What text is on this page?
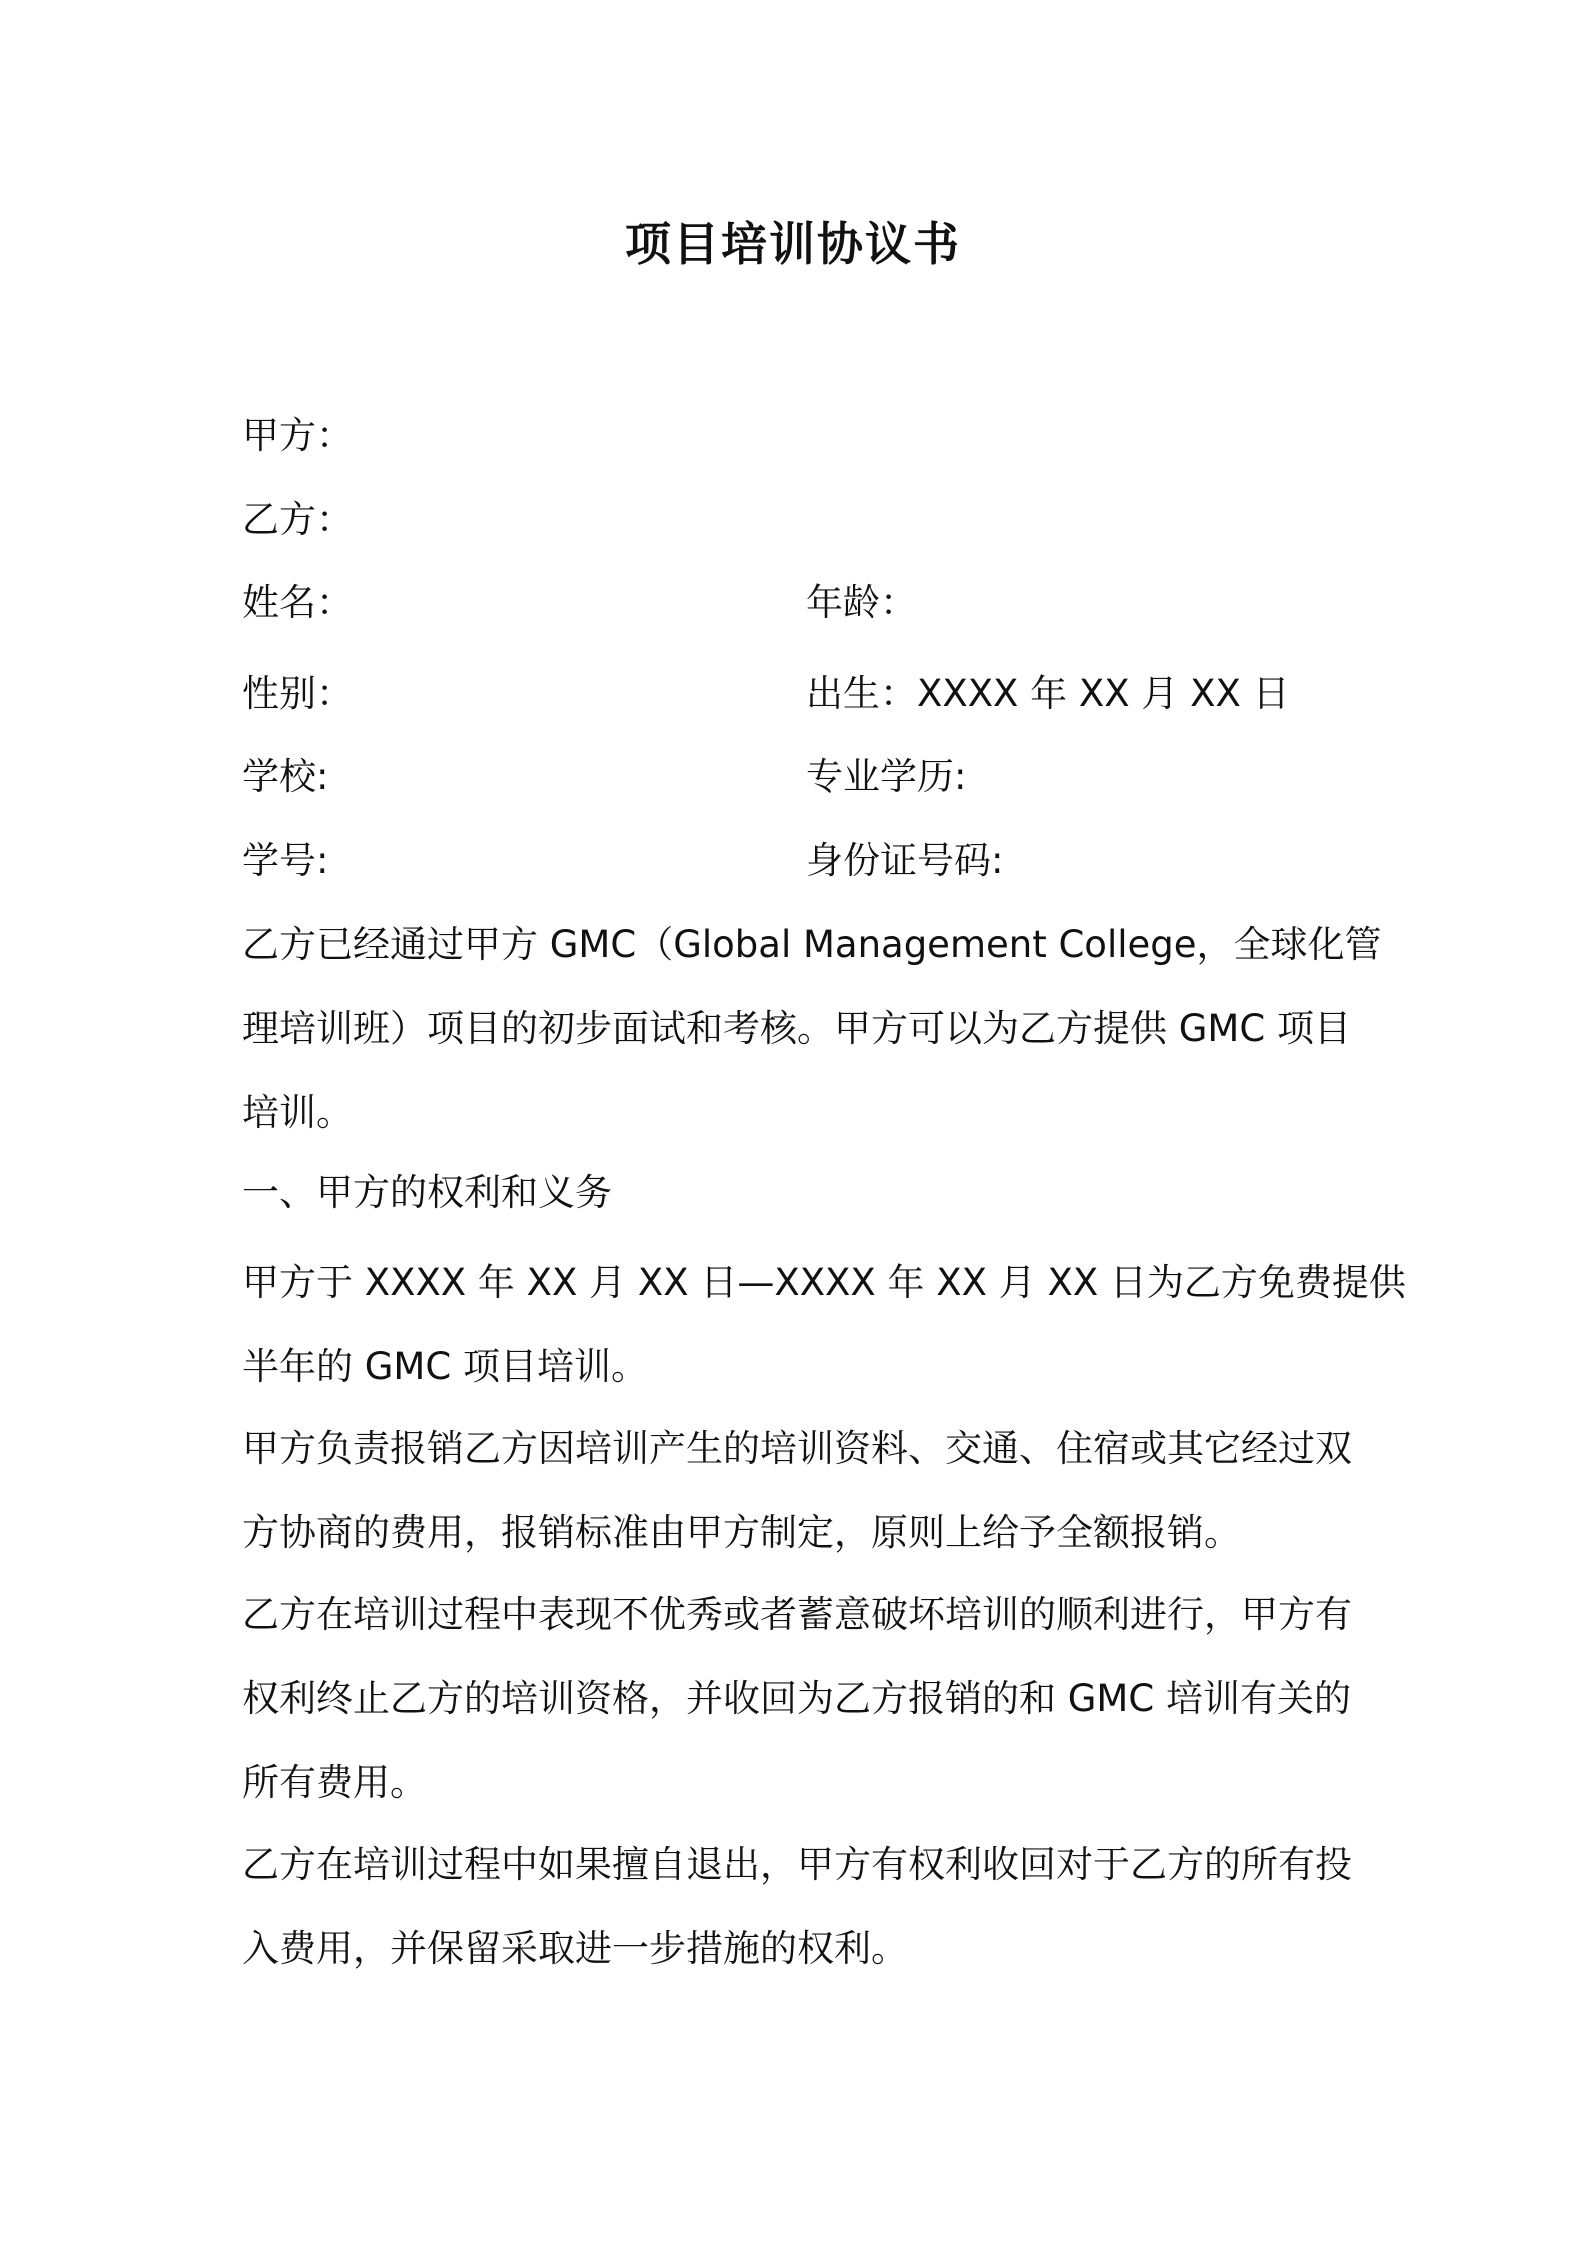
项目培训协议书
甲方：
乙方：
姓名：	年龄：
性别：	出生：XXXX 年 XX 月 XX 日
学校:	专业学历:
学号:	身份证号码:
乙方已经通过甲方 GMC（Global Management College，全球化管
理培训班）项目的初步面试和考核。甲方可以为乙方提供 GMC 项目
培训。
一、甲方的权利和义务
甲方于 XXXX 年 XX 月 XX 日—XXXX 年 XX 月 XX 日为乙方免费提供
半年的 GMC 项目培训。
甲方负责报销乙方因培训产生的培训资料、交通、住宿或其它经过双
方协商的费用，报销标准由甲方制定，原则上给予全额报销。
乙方在培训过程中表现不优秀或者蓄意破坏培训的顺利进行，甲方有
权利终止乙方的培训资格，并收回为乙方报销的和 GMC 培训有关的
所有费用。
乙方在培训过程中如果擅自退出，甲方有权利收回对于乙方的所有投
入费用，并保留采取进一步措施的权利。
